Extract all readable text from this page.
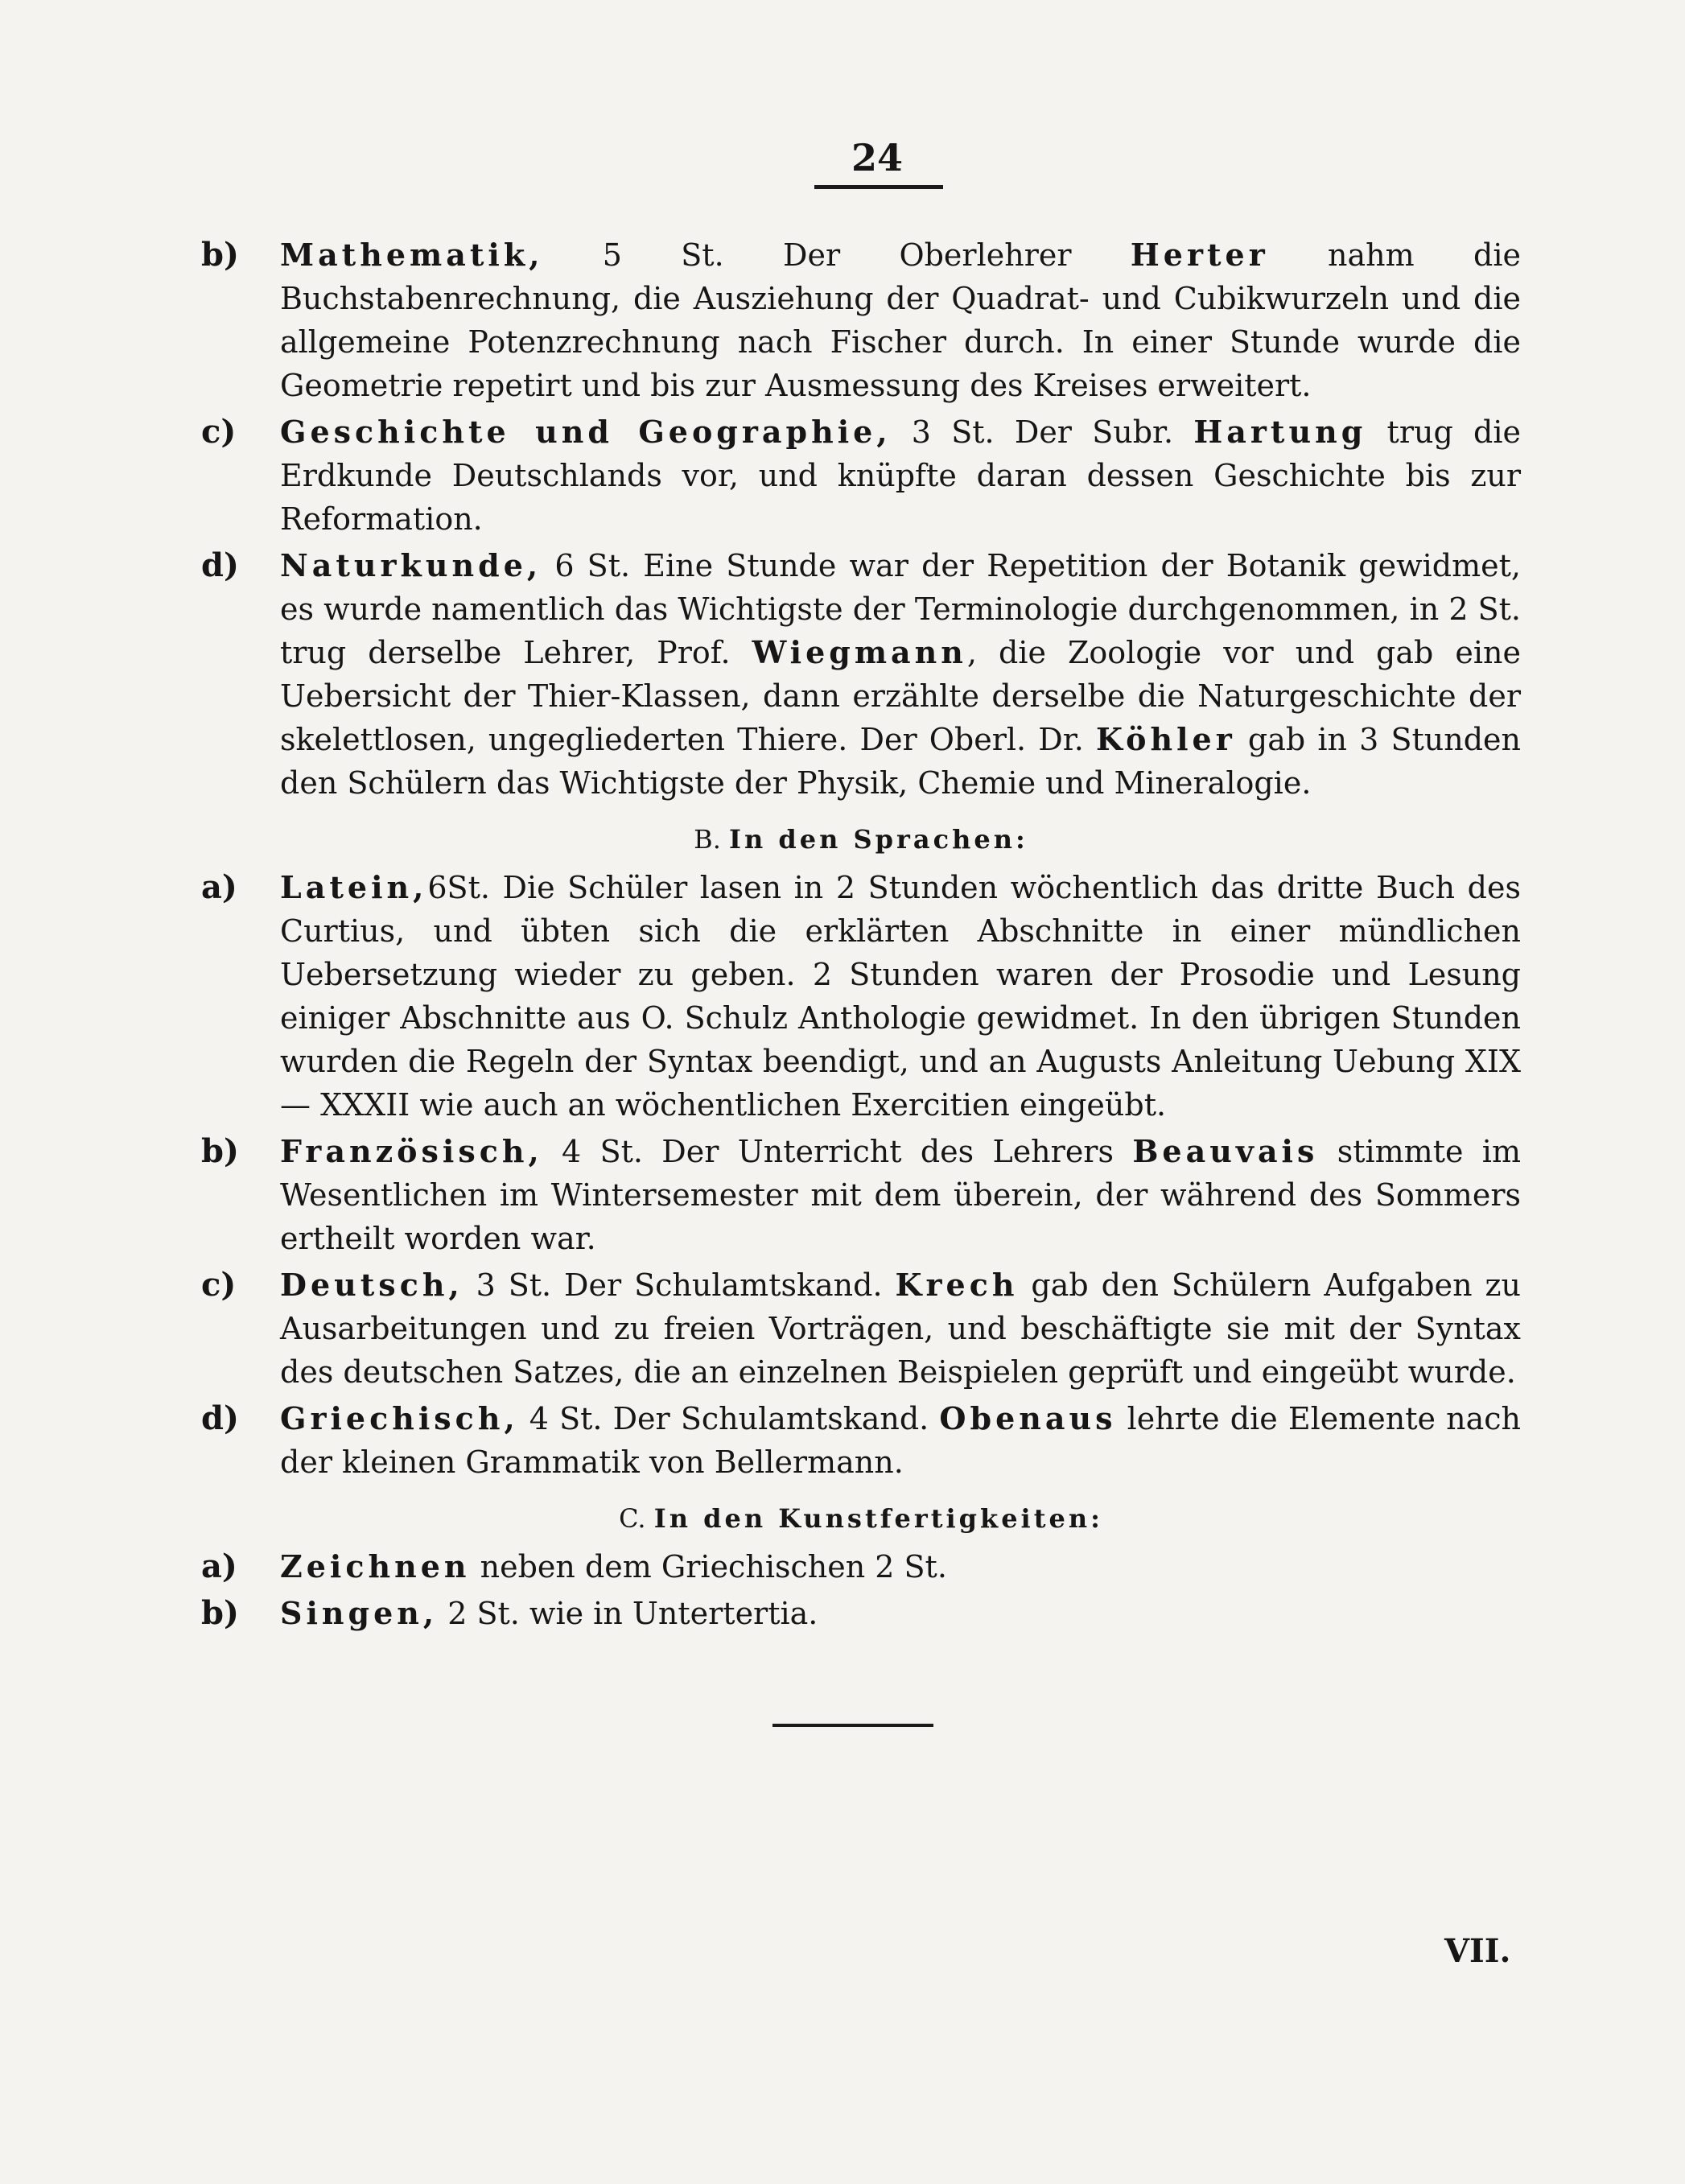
24
b) Mathematik, 5 St. Der Oberlehrer Herter nahm die Buchstabenrechnung, die Ausziehung der Quadrat- und Cubikwurzeln und die allgemeine Potenzrechnung nach Fischer durch. In einer Stunde wurde die Geometrie repetirt und bis zur Ausmessung des Kreises erweitert.
c) Geschichte und Geographie, 3 St. Der Subr. Hartung trug die Erdkunde Deutschlands vor, und knüpfte daran dessen Geschichte bis zur Reformation.
d) Naturkunde, 6 St. Eine Stunde war der Repetition der Botanik gewidmet, es wurde namentlich das Wichtigste der Terminologie durchgenommen, in 2 St. trug derselbe Lehrer, Prof. Wiegmann, die Zoologie vor und gab eine Uebersicht der Thier-Klassen, dann erzählte derselbe die Naturgeschichte der skelettlosen, ungegliederten Thiere. Der Oberl. Dr. Köhler gab in 3 Stunden den Schülern das Wichtigste der Physik, Chemie und Mineralogie.
B. In den Sprachen:
a) Latein,6St. Die Schüler lasen in 2 Stunden wöchentlich das dritte Buch des Curtius, und übten sich die erklärten Abschnitte in einer mündlichen Uebersetzung wieder zu geben. 2 Stunden waren der Prosodie und Lesung einiger Abschnitte aus O. Schulz Anthologie gewidmet. In den übrigen Stunden wurden die Regeln der Syntax beendigt, und an Augusts Anleitung Uebung XIX — XXXII wie auch an wöchentlichen Exercitien eingeübt.
b) Französisch, 4 St. Der Unterricht des Lehrers Beauvais stimmte im Wesentlichen im Wintersemester mit dem überein, der während des Sommers ertheilt worden war.
c) Deutsch, 3 St. Der Schulamtskand. Krech gab den Schülern Aufgaben zu Ausarbeitungen und zu freien Vorträgen, und beschäftigte sie mit der Syntax des deutschen Satzes, die an einzelnen Beispielen geprüft und eingeübt wurde.
d) Griechisch, 4 St. Der Schulamtskand. Obenaus lehrte die Elemente nach der kleinen Grammatik von Bellermann.
C. In den Kunstfertigkeiten:
a) Zeichnen neben dem Griechischen 2 St.
b) Singen, 2 St. wie in Untertertia.
VII.
